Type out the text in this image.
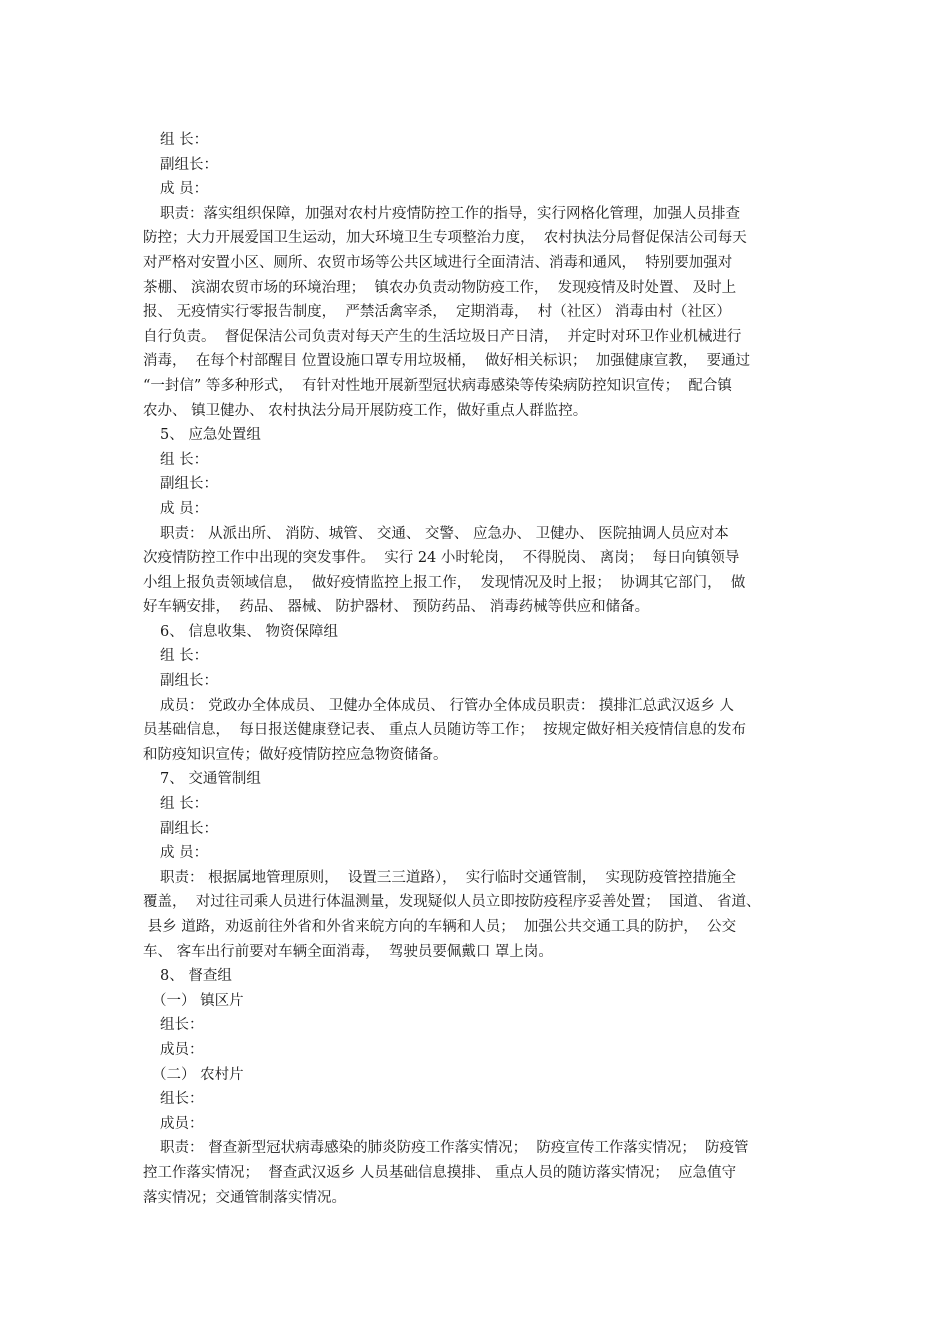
组 长：
副组长：
成 员：
职责：落实组织保障，加强对农村片疫情防控工作的指导，实行网格化管理，加强人员排查
防控；大力开展爱国卫生运动，加大环境卫生专项整治力度，  农村执法分局督促保洁公司每天
对严格对安置小区、厕所、农贸市场等公共区域进行全面清洁、消毒和通风，  特别要加强对
茶棚、 滨湖农贸市场的环境治理；  镇农办负责动物防疫工作，  发现疫情及时处置、 及时上
报、 无疫情实行零报告制度，  严禁活禽宰杀，  定期消毒，  村（社区） 消毒由村（社区）
自行负责。  督促保洁公司负责对每天产生的生活垃圾日产日清，  并定时对环卫作业机械进行
消毒，  在每个村部醒目 位置设施口罩专用垃圾桶，  做好相关标识；  加强健康宣教，  要通过
“一封信” 等多种形式，  有针对性地开展新型冠状病毒感染等传染病防控知识宣传；  配合镇
农办、 镇卫健办、 农村执法分局开展防疫工作，做好重点人群监控。
5、 应急处置组
组 长：
副组长：
成 员：
职责： 从派出所、 消防、城管、 交通、 交警、 应急办、 卫健办、 医院抽调人员应对本
次疫情防控工作中出现的突发事件。  实行 24 小时轮岗，  不得脱岗、 离岗；  每日向镇领导
小组上报负责领域信息，  做好疫情监控上报工作，  发现情况及时上报；  协调其它部门，  做
好车辆安排，  药品、 器械、 防护器材、 预防药品、 消毒药械等供应和储备。
6、 信息收集、 物资保障组
组 长：
副组长：
成员： 党政办全体成员、 卫健办全体成员、 行管办全体成员职责： 摸排汇总武汉返乡 人
员基础信息，  每日报送健康登记表、 重点人员随访等工作；  按规定做好相关疫情信息的发布
和防疫知识宣传；做好疫情防控应急物资储备。
7、 交通管制组
组 长：
副组长：
成 员：
职责： 根据属地管理原则，  设置三三道路），  实行临时交通管制，  实现防疫管控措施全
覆盖，  对过往司乘人员进行体温测量，发现疑似人员立即按防疫程序妥善处置；  国道、 省道、
县乡 道路，劝返前往外省和外省来皖方向的车辆和人员；  加强公共交通工具的防护，  公交
车、 客车出行前要对车辆全面消毒，  驾驶员要佩戴口 罩上岗。
8、 督查组
（一） 镇区片
组长：
成员：
（二） 农村片
组长：
成员：
职责： 督查新型冠状病毒感染的肺炎防疫工作落实情况；  防疫宣传工作落实情况；  防疫管
控工作落实情况；  督查武汉返乡 人员基础信息摸排、 重点人员的随访落实情况；  应急值守
落实情况；交通管制落实情况。
